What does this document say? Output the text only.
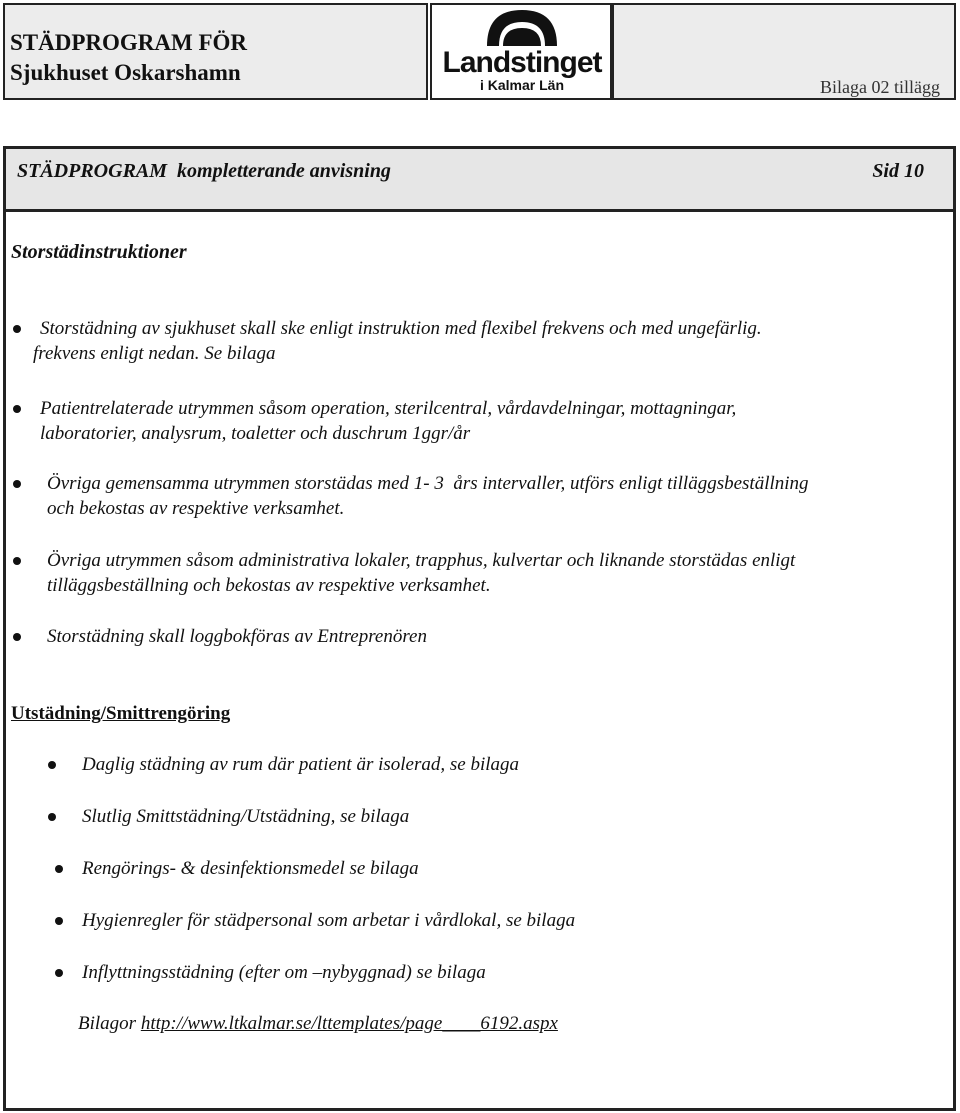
STÄDPROGRAM FÖR
Sjukhuset Oskarshamn	Landstinget
i Kalmar Län	Bilaga 02 tillägg
STÄDPROGRAM  kompletterande anvisning	Sid 10
Storstädinstruktioner
Storstädning av sjukhuset skall ske enligt instruktion med flexibel frekvens och med ungefärlig.
frekvens enligt nedan. Se bilaga
Patientrelaterade utrymmen såsom operation, sterilcentral, vårdavdelningar, mottagningar,
laboratorier, analysrum, toaletter och duschrum 1ggr/år
Övriga gemensamma utrymmen storstädas med 1- 3  års intervaller, utförs enligt tilläggsbeställning
och bekostas av respektive verksamhet.
Övriga utrymmen såsom administrativa lokaler, trapphus, kulvertar och liknande storstädas enligt
tilläggsbeställning och bekostas av respektive verksamhet.
Storstädning skall loggbokföras av Entreprenören
Utstädning/Smittrengöring
Daglig städning av rum där patient är isolerad, se bilaga
Slutlig Smittstädning/Utstädning, se bilaga
Rengörings- & desinfektionsmedel se bilaga
Hygienregler för städpersonal som arbetar i vårdlokal, se bilaga
Inflyttningsstädning (efter om –nybyggnad) se bilaga
Bilagor http://www.ltkalmar.se/lttemplates/page____6192.aspx
